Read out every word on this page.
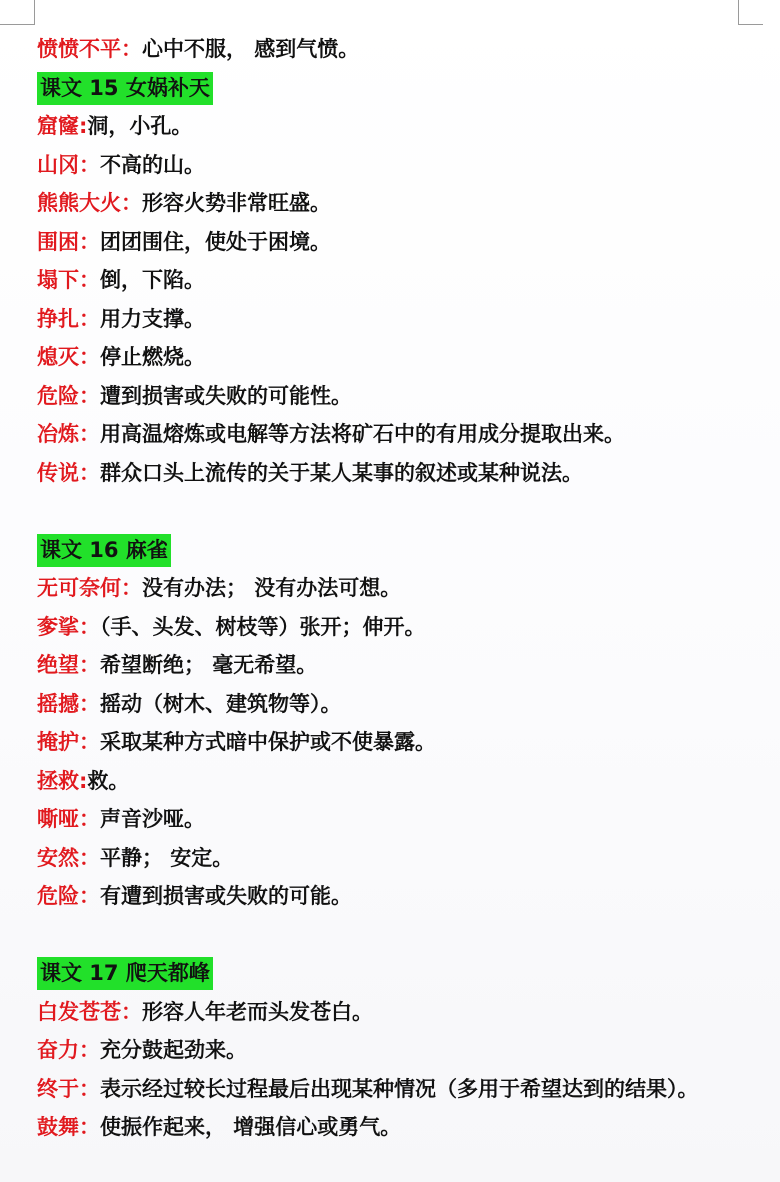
愤愤不平：心中不服， 感到气愤。
课文 15 女娲补天
窟窿:洞，小孔。
山冈：不高的山。
熊熊大火：形容火势非常旺盛。
围困：团团围住，使处于困境。
塌下：倒，下陷。
挣扎：用力支撑。
熄灭：停止燃烧。
危险：遭到损害或失败的可能性。
冶炼：用高温熔炼或电解等方法将矿石中的有用成分提取出来。
传说：群众口头上流传的关于某人某事的叙述或某种说法。
课文 16 麻雀
无可奈何：没有办法； 没有办法可想。
奓挲：（手、头发、树枝等）张开；伸开。
绝望：希望断绝； 毫无希望。
摇撼：摇动（树木、建筑物等）。
掩护：采取某种方式暗中保护或不使暴露。
拯救:救。
嘶哑：声音沙哑。
安然：平静； 安定。
危险：有遭到损害或失败的可能。
课文 17 爬天都峰
白发苍苍：形容人年老而头发苍白。
奋力：充分鼓起劲来。
终于：表示经过较长过程最后出现某种情况（多用于希望达到的结果）。
鼓舞：使振作起来， 增强信心或勇气。
